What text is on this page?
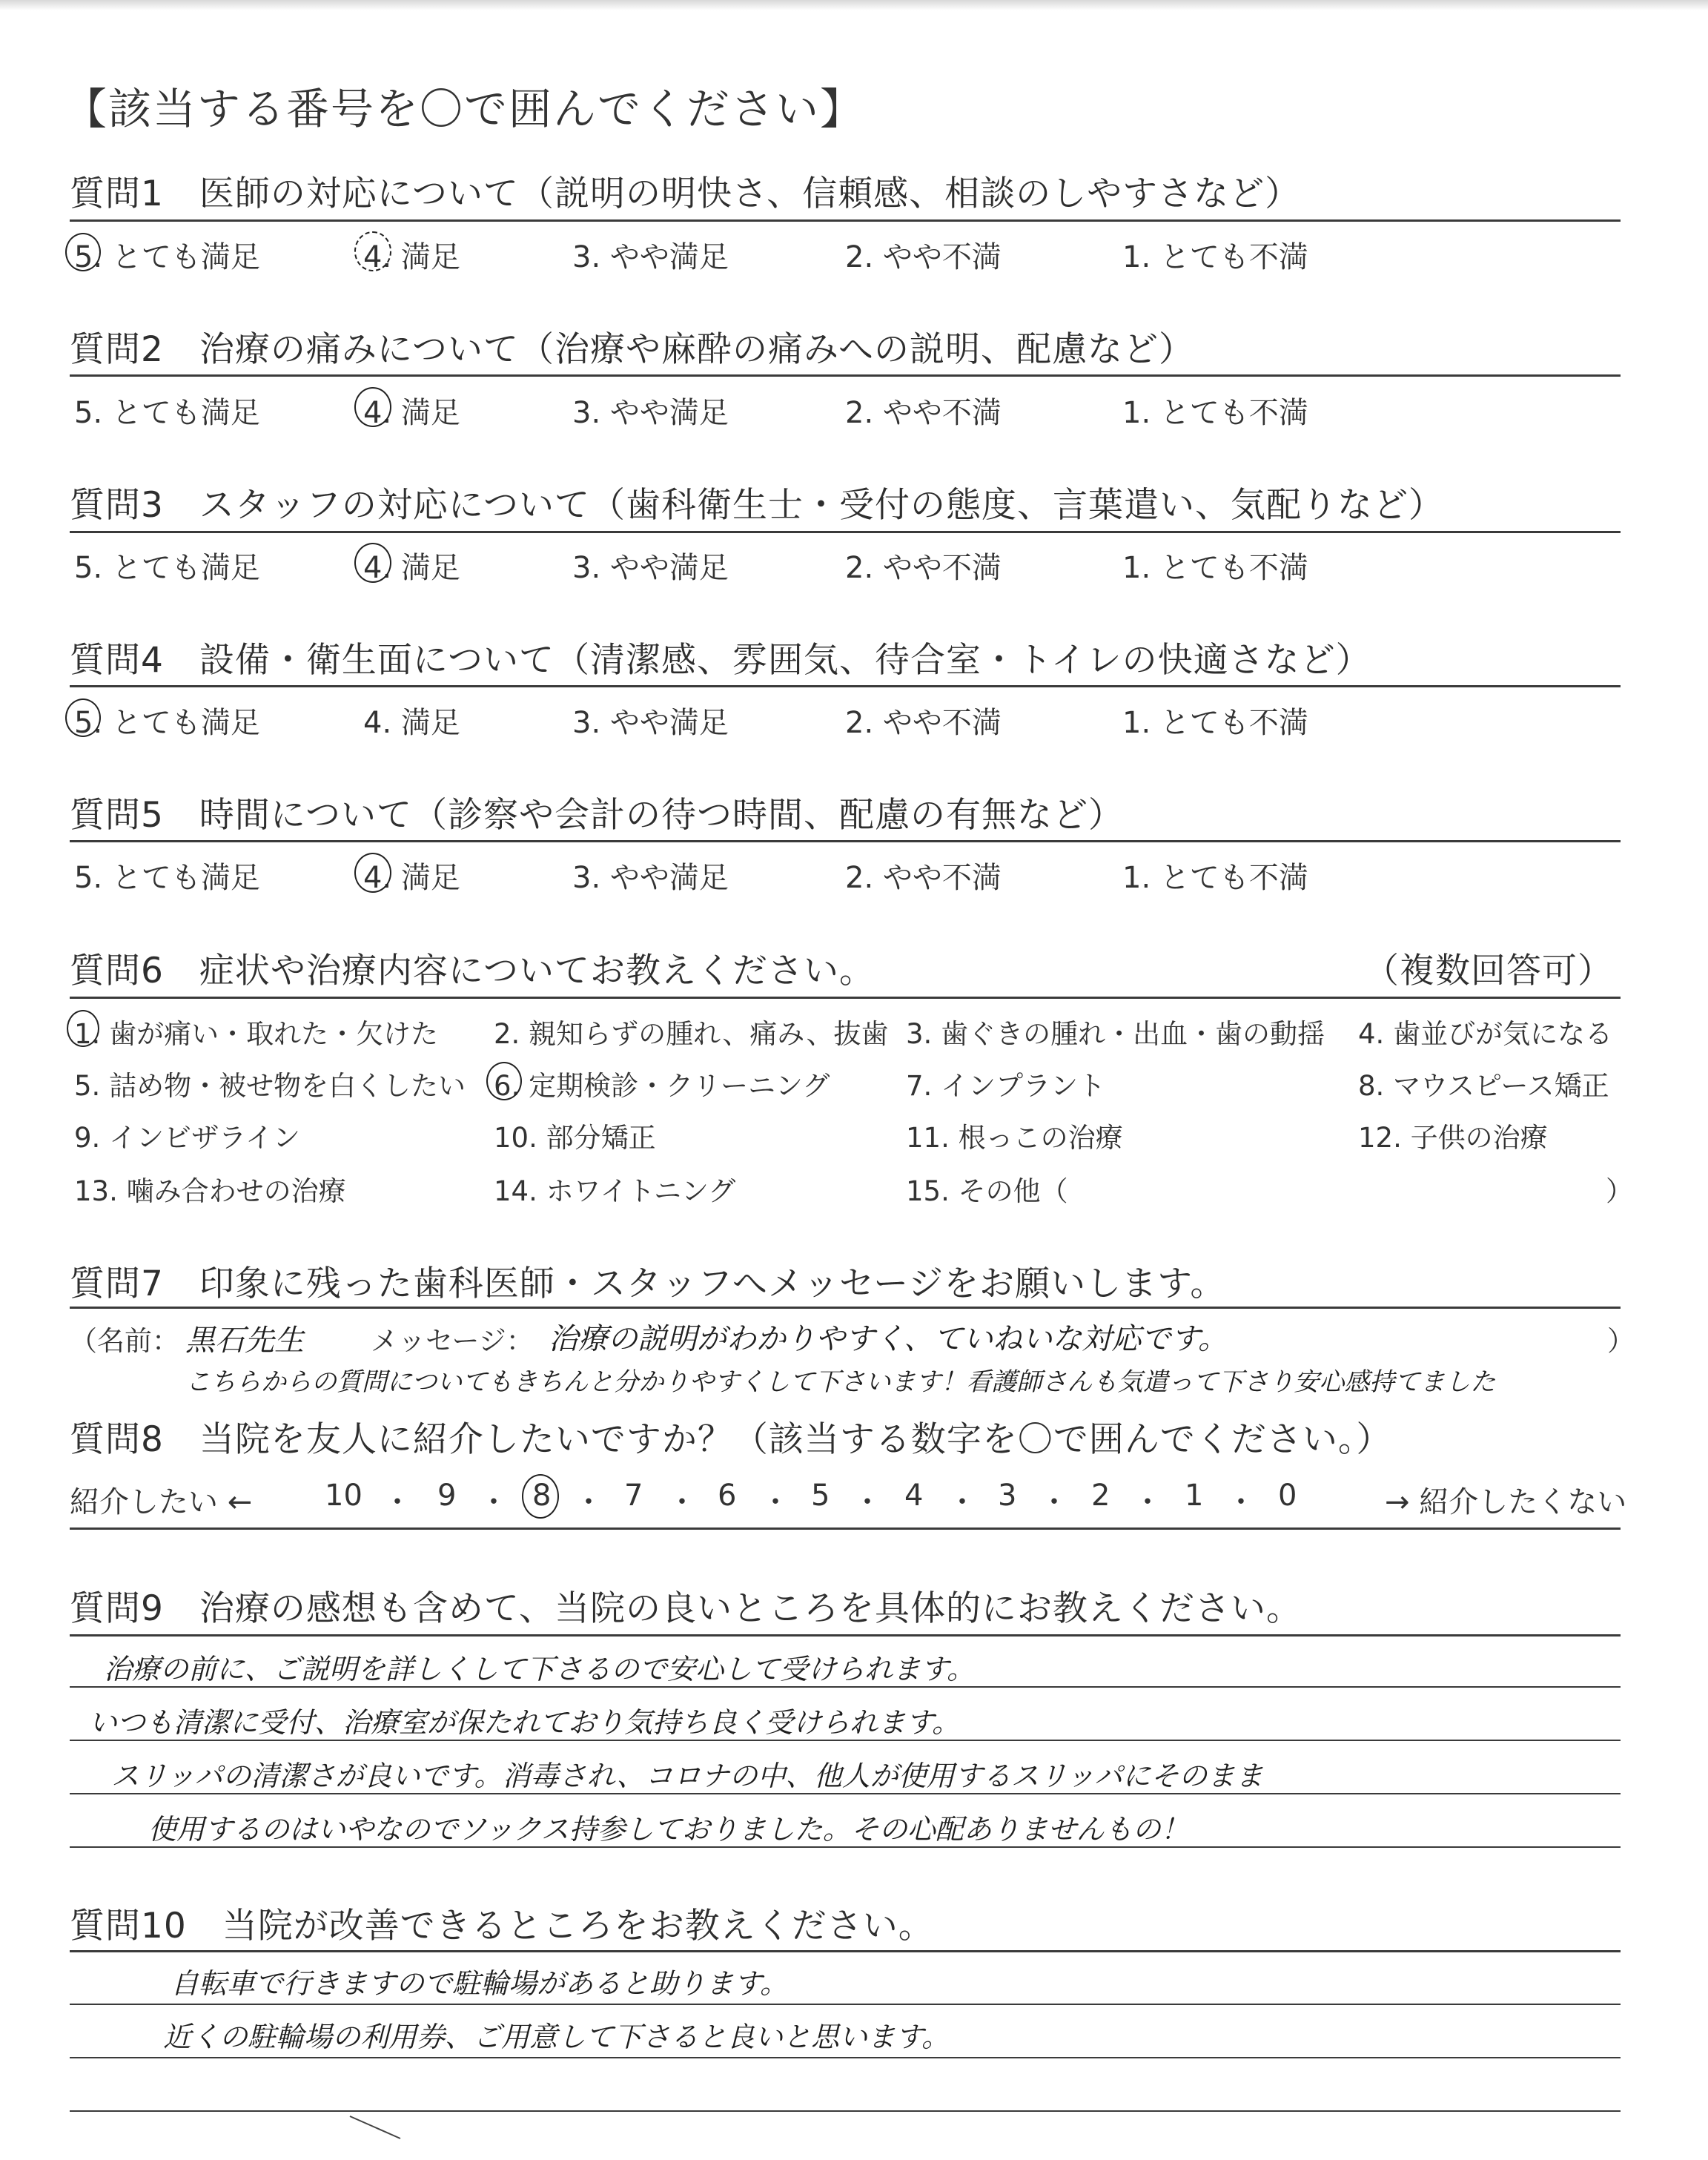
【該当する番号を〇で囲んでください】
質問1　医師の対応について（説明の明快さ、信頼感、相談のしやすさなど）
5. とても満足	4. 満足	3. やや満足	2. やや不満	1. とても不満
質問2　治療の痛みについて（治療や麻酔の痛みへの説明、配慮など）
5. とても満足	4. 満足	3. やや満足	2. やや不満	1. とても不満
質問3　スタッフの対応について（歯科衛生士・受付の態度、言葉遣い、気配りなど）
5. とても満足	4. 満足	3. やや満足	2. やや不満	1. とても不満
質問4　設備・衛生面について（清潔感、雰囲気、待合室・トイレの快適さなど）
5. とても満足	4. 満足	3. やや満足	2. やや不満	1. とても不満
質問5　時間について（診察や会計の待つ時間、配慮の有無など）
5. とても満足	4. 満足	3. やや満足	2. やや不満	1. とても不満
質問6　症状や治療内容についてお教えください。	（複数回答可）
1. 歯が痛い・取れた・欠けた 2. 親知らずの腫れ、痛み、抜歯 3. 歯ぐきの腫れ・出血・歯の動揺 4. 歯並びが気になる
5. 詰め物・被せ物を白くしたい 6. 定期検診・クリーニング	7. インプラント	8. マウスピース矯正
9. インビザライン	10. 部分矯正	11. 根っこの治療	12. 子供の治療
13. 噛み合わせの治療	14. ホワイトニング	15. その他（	）
質問7　印象に残った歯科医師・スタッフへメッセージをお願いします。
（名前： 黒石先生 メッセージ： 治療の説明がわかりやすく、ていねいな対応です。	）
こちらからの質問についてもきちんと分かりやすくして下さいます！看護師さんも気遣って下さり安心感持てました
質問8　当院を友人に紹介したいですか？（該当する数字を〇で囲んでください。）
紹介したい ←	→ 紹介したくない
10 ・ 9 ・ 8 ・ 7 ・ 6 ・ 5 ・ 4 ・ 3 ・ 2 ・ 1 ・ 0
質問9　治療の感想も含めて、当院の良いところを具体的にお教えください。
治療の前に、ご説明を詳しくして下さるので安心して受けられます。
いつも清潔に受付、治療室が保たれており気持ち良く受けられます。
スリッパの清潔さが良いです。消毒され、コロナの中、他人が使用するスリッパにそのまま
使用するのはいやなのでソックス持参しておりました。その心配ありませんもの！
質問10　当院が改善できるところをお教えください。
自転車で行きますので駐輪場があると助ります。
近くの駐輪場の利用券、ご用意して下さると良いと思います。
